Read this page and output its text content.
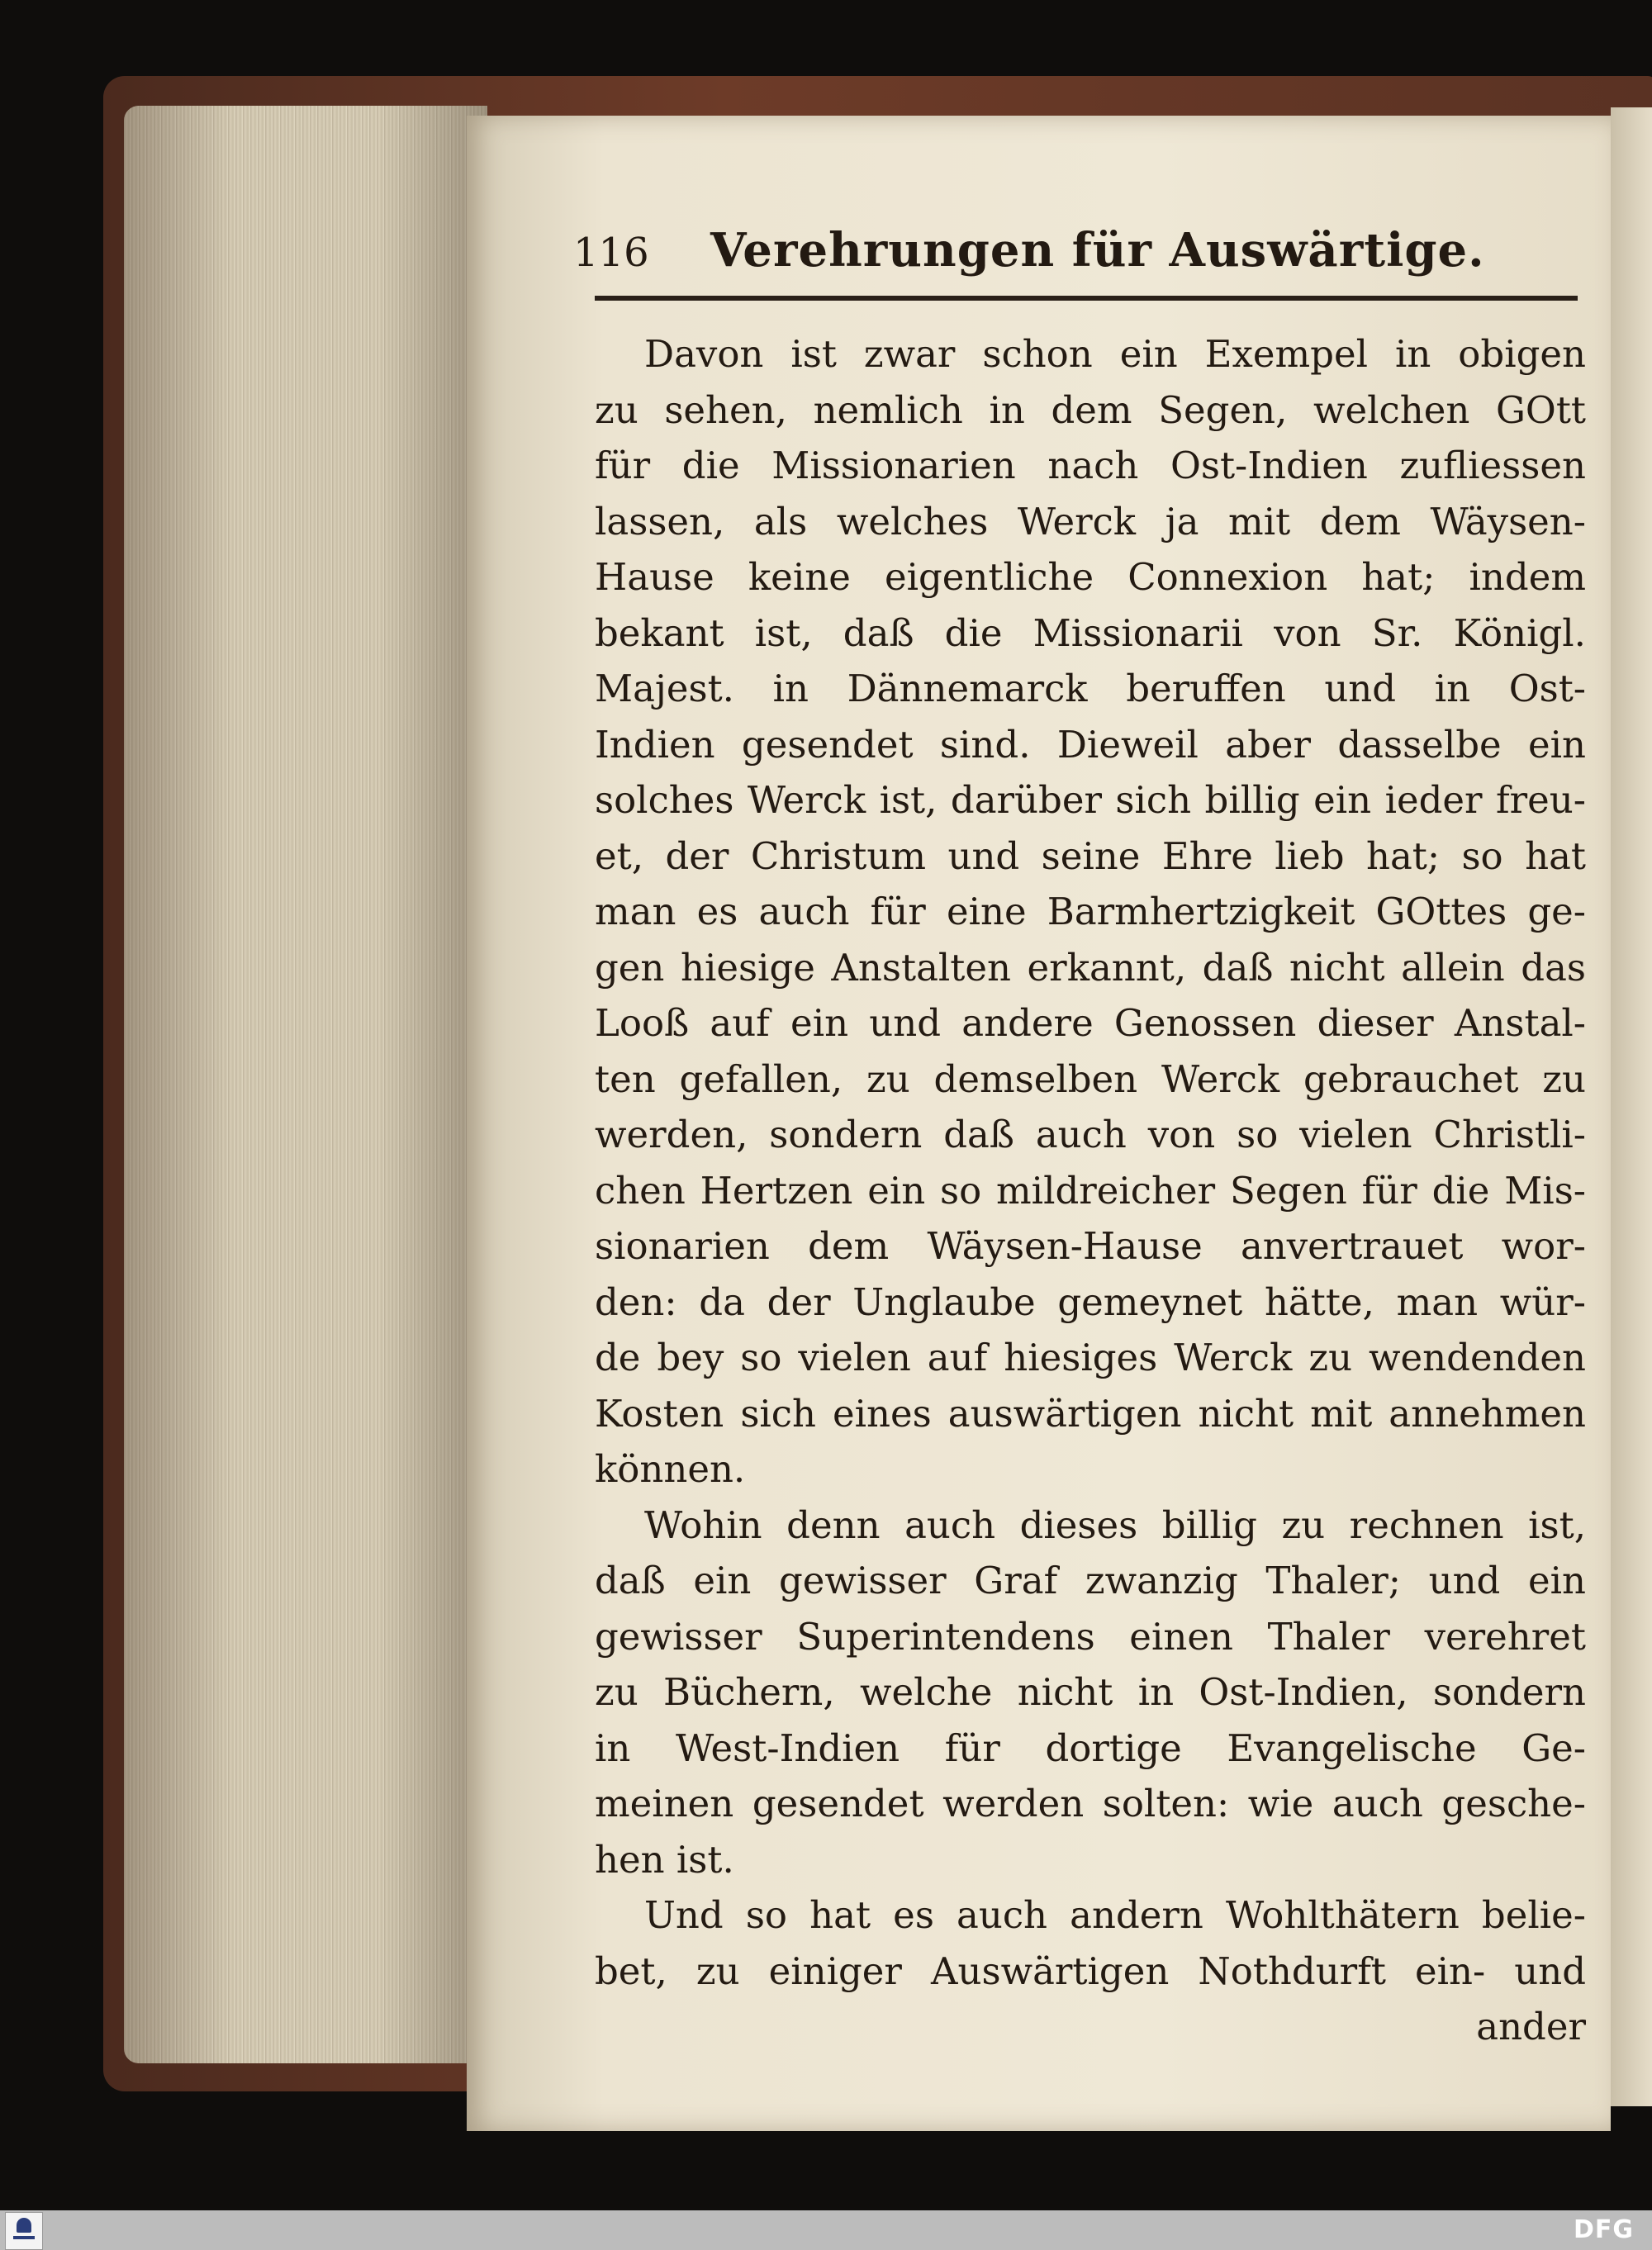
116 Verehrungen für Auswärtige.
Davon ist zwar schon ein Exempel in obigen
zu sehen, nemlich in dem Segen, welchen GOtt
für die Missionarien nach Ost-Indien zufliessen
lassen, als welches Werck ja mit dem Wäysen-
Hause keine eigentliche Connexion hat; indem
bekant ist, daß die Missionarii von Sr. Königl.
Majest. in Dännemarck beruffen und in Ost-
Indien gesendet sind. Dieweil aber dasselbe ein
solches Werck ist, darüber sich billig ein ieder freu-
et, der Christum und seine Ehre lieb hat; so hat
man es auch für eine Barmhertzigkeit GOttes ge-
gen hiesige Anstalten erkannt, daß nicht allein das
Looß auf ein und andere Genossen dieser Anstal-
ten gefallen, zu demselben Werck gebrauchet zu
werden, sondern daß auch von so vielen Christli-
chen Hertzen ein so mildreicher Segen für die Mis-
sionarien dem Wäysen-Hause anvertrauet wor-
den: da der Unglaube gemeynet hätte, man wür-
de bey so vielen auf hiesiges Werck zu wendenden
Kosten sich eines auswärtigen nicht mit annehmen
können.
Wohin denn auch dieses billig zu rechnen ist,
daß ein gewisser Graf zwanzig Thaler; und ein
gewisser Superintendens einen Thaler verehret
zu Büchern, welche nicht in Ost-Indien, sondern
in West-Indien für dortige Evangelische Ge-
meinen gesendet werden solten: wie auch gesche-
hen ist.
Und so hat es auch andern Wohlthätern belie-
bet, zu einiger Auswärtigen Nothdurft ein- und
ander
DFG
